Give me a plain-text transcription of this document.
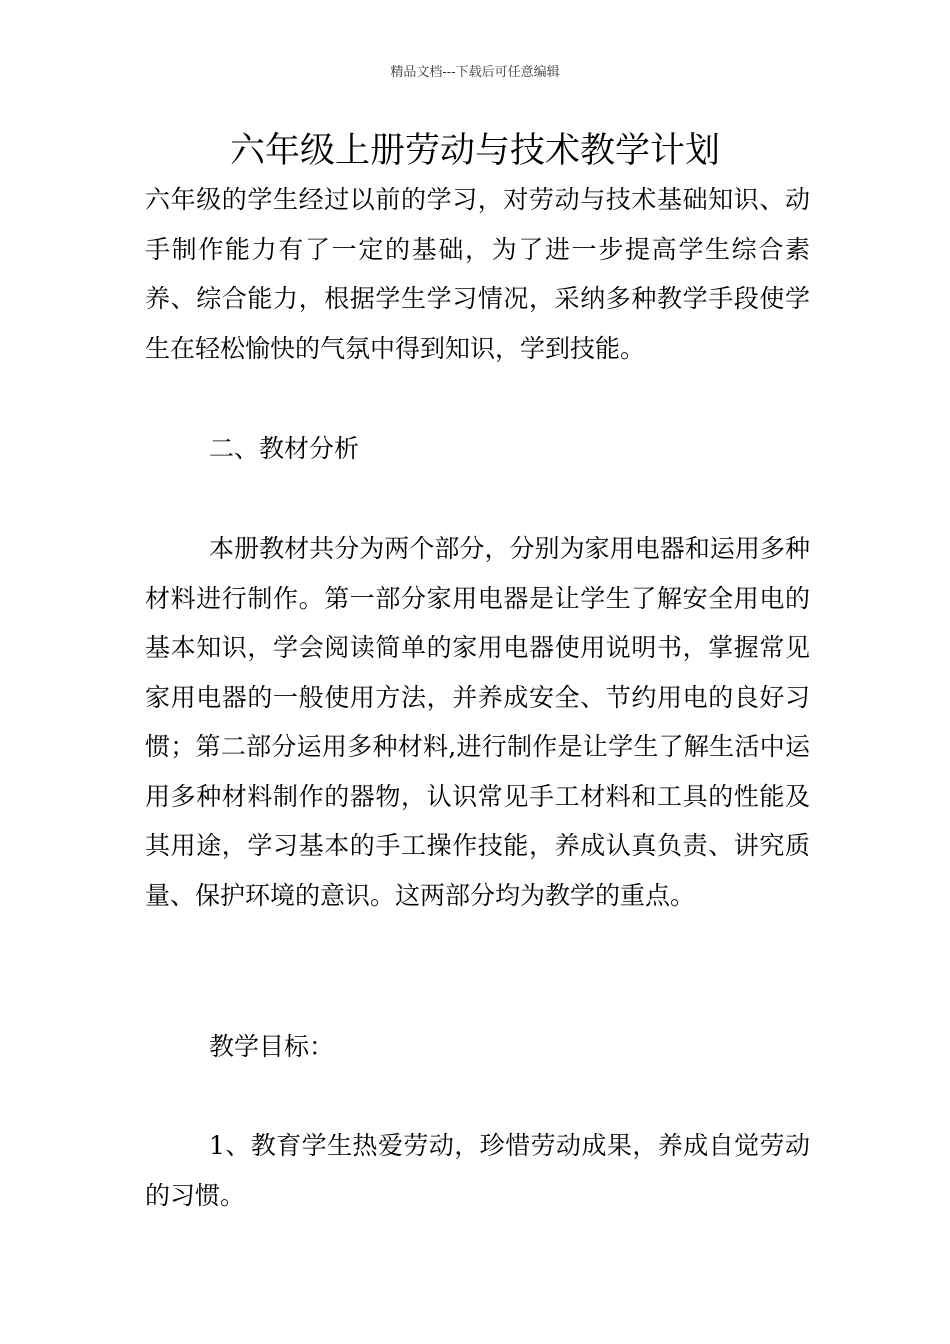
精品文档---下载后可任意编辑
六年级上册劳动与技术教学计划

六年级的学生经过以前的学习，对劳动与技术基础知识、动手制作能力有了一定的基础，为了进一步提高学生综合素养、综合能力，根据学生学习情况，采纳多种教学手段使学生在轻松愉快的气氛中得到知识，学到技能。

二、教材分析

本册教材共分为两个部分，分别为家用电器和运用多种材料进行制作。第一部分家用电器是让学生了解安全用电的基本知识，学会阅读简单的家用电器使用说明书，掌握常见家用电器的一般使用方法，并养成安全、节约用电的良好习惯；第二部分运用多种材料,进行制作是让学生了解生活中运用多种材料制作的器物，认识常见手工材料和工具的性能及其用途，学习基本的手工操作技能，养成认真负责、讲究质量、保护环境的意识。这两部分均为教学的重点。

教学目标：

1、教育学生热爱劳动，珍惜劳动成果，养成自觉劳动的习惯。
